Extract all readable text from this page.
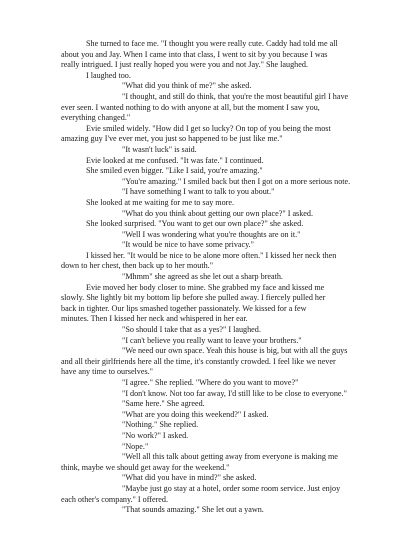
She turned to face me. "I thought you were really cute. Caddy had told me all
about you and Jay. When I came into that class, I went to sit by you because I was
really intrigued. I just really hoped you were you and not Jay." She laughed.
I laughed too.
"What did you think of me?" she asked.
"I thought, and still do think, that you're the most beautiful girl I have
ever seen. I wanted nothing to do with anyone at all, but the moment I saw you,
everything changed."
Evie smiled widely. "How did I get so lucky? On top of you being the most
amazing guy I've ever met, you just so happened to be just like me."
"It wasn't luck" is said.
Evie looked at me confused. "It was fate." I continued.
She smiled even bigger. "Like I said, you're amazing."
"You're amazing." I smiled back but then I got on a more serious note.
"I have something I want to talk to you about."
She looked at me waiting for me to say more.
"What do you think about getting our own place?" I asked.
She looked surprised. "You want to get our own place?" she asked.
"Well I was wondering what you're thoughts are on it."
"It would be nice to have some privacy."
I kissed her. "It would be nice to be alone more often." I kissed her neck then
down to her chest, then back up to her mouth."
"Mhmm" she agreed as she let out a sharp breath.
Evie moved her body closer to mine. She grabbed my face and kissed me
slowly. She lightly bit my bottom lip before she pulled away. I fiercely pulled her
back in tighter. Our lips smashed together passionately. We kissed for a few
minutes. Then I kissed her neck and whispered in her ear.
"So should I take that as a yes?" I laughed.
"I can't believe you really want to leave your brothers."
"We need our own space. Yeah this house is big, but with all the guys
and all their girlfriends here all the time, it's constantly crowded. I feel like we never
have any time to ourselves."
"I agree." She replied. "Where do you want to move?"
"I don't know. Not too far away, I'd still like to be close to everyone."
"Same here." She agreed.
"What are you doing this weekend?" I asked.
"Nothing." She replied.
"No work?" I asked.
"Nope."
"Well all this talk about getting away from everyone is making me
think, maybe we should get away for the weekend."
"What did you have in mind?" she asked.
"Maybe just go stay at a hotel, order some room service. Just enjoy
each other's company." I offered.
"That sounds amazing." She let out a yawn.
